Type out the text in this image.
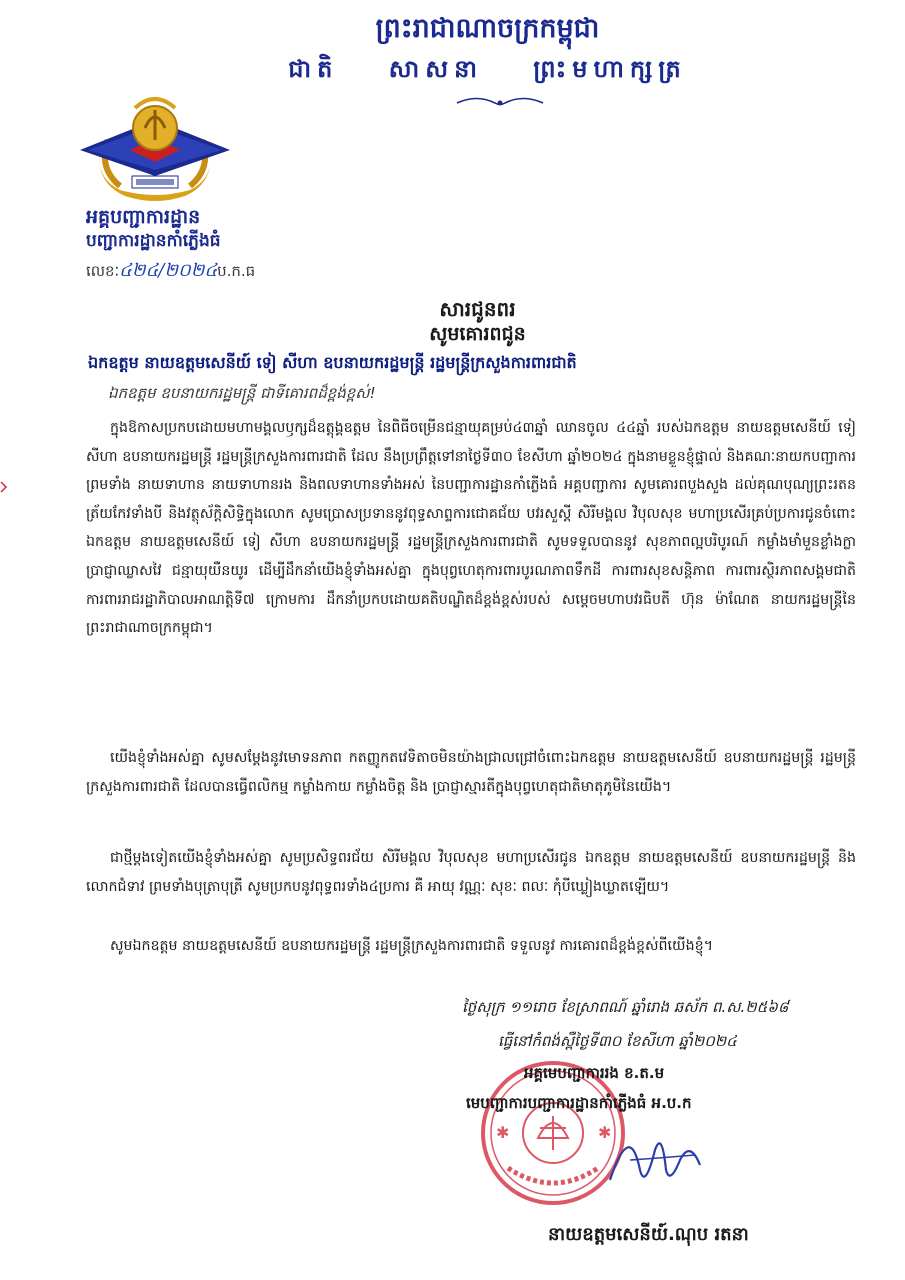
ព្រះរាជាណាចក្រកម្ពុជា
ជាតិ សាសនា ព្រះមហាក្សត្រ
អគ្គបញ្ជាការដ្ឋាន
បញ្ជាការដ្ឋានកាំភ្លើងធំ
លេខៈ៤២៤/២០២៤ប.ក.ធ
សារជូនពរ
សូមគោរពជូន
ឯកឧត្តម នាយឧត្តមសេនីយ៍ ទៀ សីហា ឧបនាយករដ្ឋមន្ត្រី រដ្ឋមន្ត្រីក្រសួងការពារជាតិ
ឯកឧត្តម ឧបនាយករដ្ឋមន្ត្រី ជាទីគោរពដ៏ខ្ពង់ខ្ពស់!
ក្នុងឱកាសប្រកបដោយមហាមង្គលឫក្សដ៏ឧត្តុង្គឧត្តម នៃពិធីចម្រើនជន្មាយុគម្រប់៤៣ឆ្នាំ ឈានចូល ៤៤ឆ្នាំ របស់ឯកឧត្តម នាយឧត្តមសេនីយ៍ ទៀ សីហា ឧបនាយករដ្ឋមន្ត្រី រដ្ឋមន្ត្រីក្រសួងការពារជាតិ ដែល នឹងប្រព្រឹត្តទៅនាថ្ងៃទី៣០ ខែសីហា ឆ្នាំ២០២៤ ក្នុងនាមខ្លួនខ្ញុំផ្ទាល់ និងគណៈនាយកបញ្ជាការ ព្រមទាំង នាយទាហាន នាយទាហានរង និងពលទាហានទាំងអស់ នៃបញ្ជាការដ្ឋានកាំភ្លើងធំ អគ្គបញ្ជាការ សូមគោរពបួងសួង ដល់គុណបុណ្យព្រះរតនត្រ័យកែវទាំងបី និងវត្ថុស័ក្តិសិទ្ធិក្នុងលោក សូមប្រោសប្រទាននូវពុទ្ធសាព្ទការជោគជ័យ បវរសួស្តី សិរីមង្គល វិបុលសុខ មហាប្រសើរគ្រប់ប្រការជូនចំពោះឯកឧត្តម នាយឧត្តមសេនីយ៍ ទៀ សីហា ឧបនាយករដ្ឋមន្ត្រី រដ្ឋមន្ត្រីក្រសួងការពារជាតិ សូមទទួលបាននូវ សុខភាពល្អបរិបូរណ៍ កម្លាំងមាំមួនខ្លាំងក្លា ប្រាជ្ញាឈ្លាសវៃ ជន្មាយុយឺនយូរ ដើម្បីដឹកនាំយើងខ្ញុំទាំងអស់គ្នា ក្នុងបុព្វហេតុការពារបូរណភាពទឹកដី ការពារសុខសន្តិភាព ការពារស្ថិរភាពសង្គមជាតិ ការពាររាជរដ្ឋាភិបាលអាណត្តិទី៧ ក្រោមការ ដឹកនាំប្រកបដោយគតិបណ្ឌិតដ៏ខ្ពង់ខ្ពស់របស់ សម្តេចមហាបវរធិបតី ហ៊ុន ម៉ាណែត នាយករដ្ឋមន្ត្រីនៃ ព្រះរាជាណាចក្រកម្ពុជា។
យើងខ្ញុំទាំងអស់គ្នា សូមសម្តែងនូវមោទនភាព កតញ្ញូកតវេទិតាចមិនយ៉ាងជ្រាលជ្រៅចំពោះឯកឧត្តម នាយឧត្តមសេនីយ៍ ឧបនាយករដ្ឋមន្ត្រី រដ្ឋមន្ត្រីក្រសួងការពារជាតិ ដែលបានធ្វើពលិកម្ម កម្លាំងកាយ កម្លាំងចិត្ត និង ប្រាជ្ញាស្មារតីក្នុងបុព្វហេតុជាតិមាតុភូមិនៃយើង។
ជាថ្មីម្តងទៀតយើងខ្ញុំទាំងអស់គ្នា សូមប្រសិទ្ធពរជ័យ សិរីមង្គល វិបុលសុខ មហាប្រសើរជូន ឯកឧត្តម នាយឧត្តមសេនីយ៍ ឧបនាយករដ្ឋមន្ត្រី និងលោកជំទាវ ព្រមទាំងបុត្រាបុត្រី សូមប្រកបនូវពុទ្ធពរទាំង៤ប្រការ គឺ អាយុ វណ្ណៈ សុខៈ ពលៈ កុំបីឃ្លៀងឃ្លាតឡើយ។
សូមឯកឧត្តម នាយឧត្តមសេនីយ៍ ឧបនាយករដ្ឋមន្ត្រី រដ្ឋមន្ត្រីក្រសួងការពារជាតិ ទទួលនូវ ការគោរពដ៏ខ្ពង់ខ្ពស់ពីយើងខ្ញុំ។
ថ្ងៃសុក្រ ១១រោច ខែស្រាពណ៍ ឆ្នាំរោង ឆស័ក ព.ស.២៥៦៨
ធ្វើនៅកំពង់ស្ពឺថ្ងៃទី៣០ ខែសីហា ឆ្នាំ២០២៤
✱	✱
អគ្គមេបញ្ជាការរង ខ.ត.ម
មេបញ្ជាការបញ្ជាការដ្ឋានកាំភ្លើងធំ អ.ប.ក
នាយឧត្តមសេនីយ៍.ណុប រតនា
